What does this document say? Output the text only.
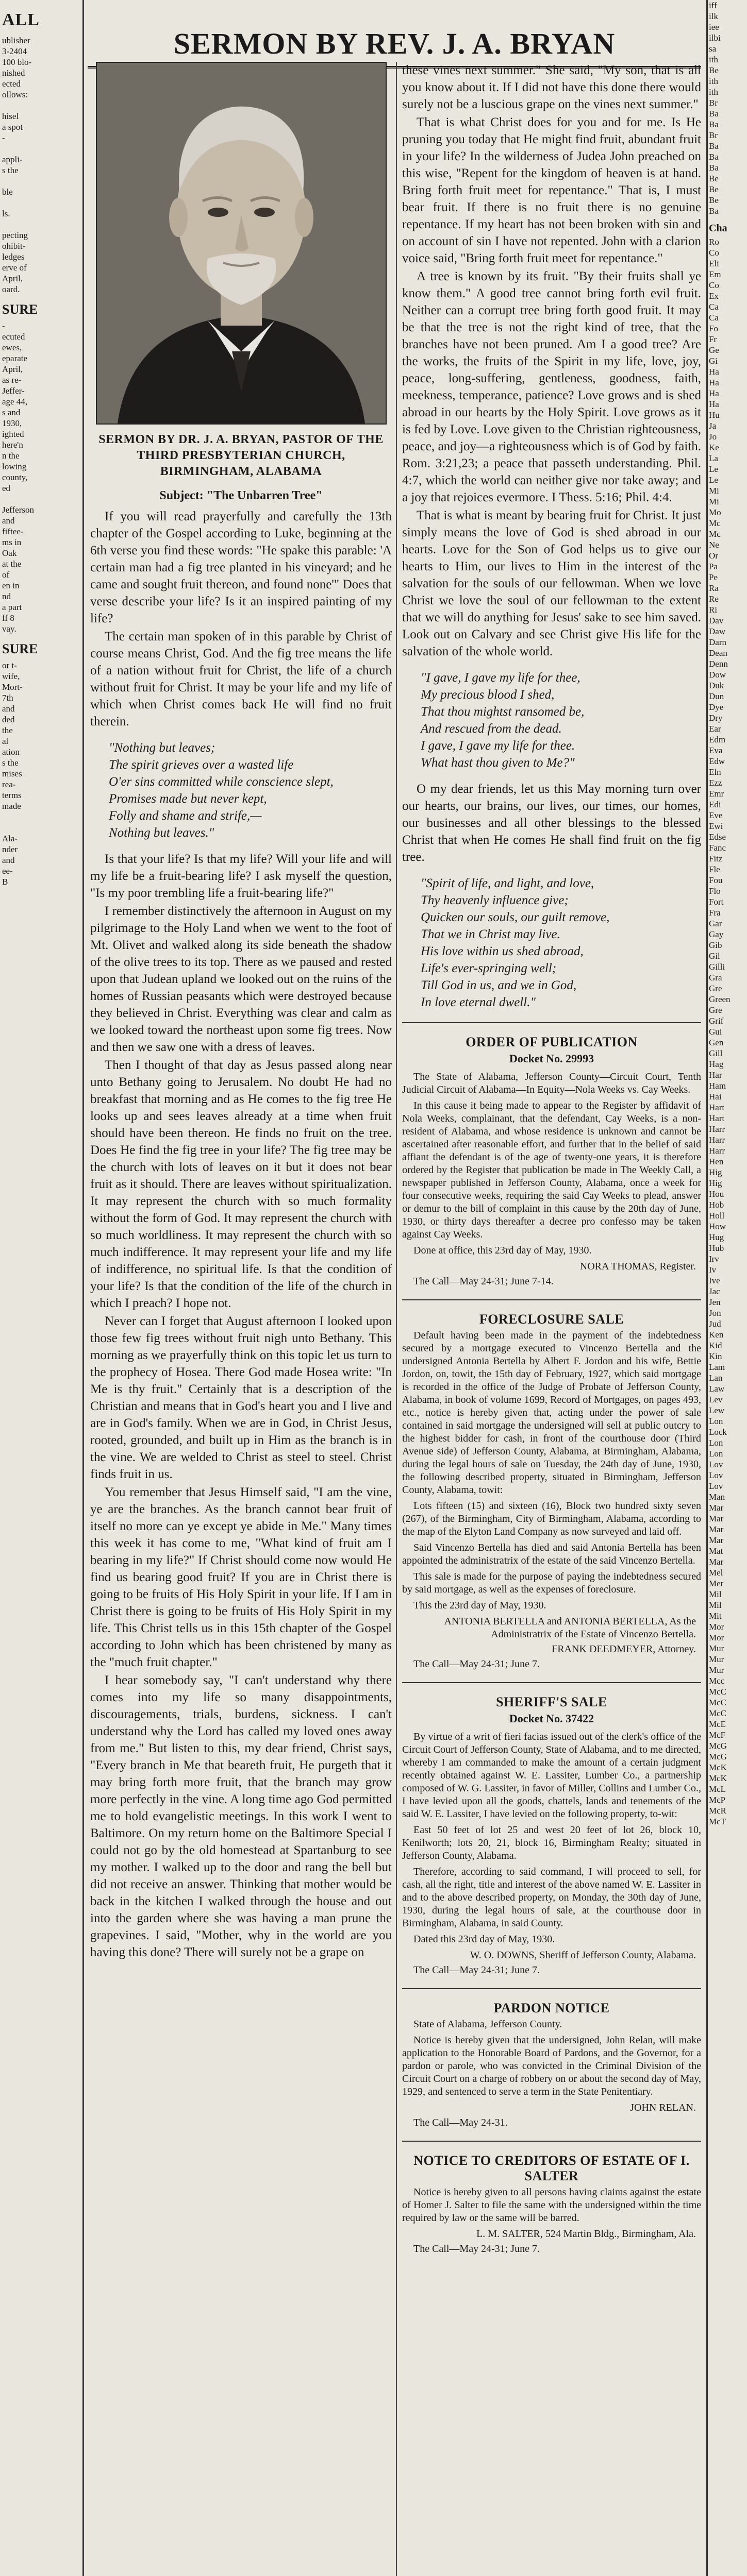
ALL
ublisher
3-2404
100 blo-
nished
ected
ollows:

hisel
a spot
-

appli-
s the

ble

ls.

pecting
ohibit-
ledges
erve of
April,
oard.
SURE
-
ecuted
ewes,
eparate
April,
as re-
Jeffer-
age 44,
s and
1930,
ighted
here'n
n the
lowing
county,
ed

Jefferson
and
fiftee-
ms in
Oak
at the
of
en in
nd
a part
ff 8
vay.
SURE
or t-
wife,
Mort-
7th
and
ded
the
al
ation
s the
mises
rea-
terms
made

Ala-
nder
and
ee-
B
iff
ilk
iee
ilbi
sa
ith
Be
ith
ith
Br
Ba
Ba
Br
Ba
Ba
Ba
Be
Be
Be
Ba
Cha
Ro
Co
Eli
Em
Co
Ex
Ca
Ca
Fo
Fr
Ge
Gi
Ha
Ha
Ha
Ha
Hu
Ja
Jo
Ke
La
Le
Le
Mi
Mi
Mo
Mc
Mc
Ne
Or
Pa
Pe
Ra
Re
Ri
Dav
Daw
Darn
Dean
Denn
Dow
Duk
Dun
Dye
Dry
Ear
Edm
Eva
Edw
Eln
Ezz
Emr
Edi
Eve
Ewi
Edse
Fanc
Fitz
Fle
Fou
Flo
Fort
Fra
Gar
Gay
Gib
Gil
Gilli
Gra
Gre
Green
Gre
Grif
Gui
Gen
Gill
Hag
Har
Ham
Hai
Hart
Hart
Harr
Harr
Harr
Hen
Hig
Hig
Hou
Hob
Holl
How
Hug
Hub
Irv
Iv
Ive
Jac
Jen
Jon
Jud
Ken
Kid
Kin
Lam
Lan
Law
Lev
Lew
Lon
Lock
Lon
Lon
Lov
Lov
Lov
Man
Mar
Mar
Mar
Mar
Mat
Mar
Mel
Mer
Mil
Mil
Mit
Mor
Mor
Mur
Mur
Mur
Mcc
McC
McC
McC
McE
McF
McG
McG
McK
McK
McL
McP
McR
McT
SERMON BY REV. J. A. BRYAN
SERMON BY DR. J. A. BRYAN, PASTOR OF THE THIRD PRESBYTERIAN CHURCH, BIRMINGHAM, ALABAMA
Subject: "The Unbarren Tree"

If you will read prayerfully and carefully the 13th chapter of the Gospel according to Luke, beginning at the 6th verse you find these words: "He spake this parable: 'A certain man had a fig tree planted in his vineyard; and he came and sought fruit thereon, and found none'" Does that verse describe your life? Is it an inspired painting of my life?

The certain man spoken of in this parable by Christ of course means Christ, God. And the fig tree means the life of a nation without fruit for Christ, the life of a church without fruit for Christ. It may be your life and my life of which when Christ comes back He will find no fruit therein.

"Nothing but leaves;
The spirit grieves over a wasted life
O'er sins committed while conscience slept,
Promises made but never kept,
Folly and shame and strife,—
Nothing but leaves."

Is that your life? Is that my life? Will your life and will my life be a fruit-bearing life? I ask myself the question, "Is my poor trembling life a fruit-bearing life?"

I remember distinctively the afternoon in August on my pilgrimage to the Holy Land when we went to the foot of Mt. Olivet and walked along its side beneath the shadow of the olive trees to its top. There as we paused and rested upon that Judean upland we looked out on the ruins of the homes of Russian peasants which were destroyed because they believed in Christ. Everything was clear and calm as we looked toward the northeast upon some fig trees. Now and then we saw one with a dress of leaves.

Then I thought of that day as Jesus passed along near unto Bethany going to Jerusalem. No doubt He had no breakfast that morning and as He comes to the fig tree He looks up and sees leaves already at a time when fruit should have been thereon. He finds no fruit on the tree. Does He find the fig tree in your life? The fig tree may be the church with lots of leaves on it but it does not bear fruit as it should. There are leaves without spiritualization. It may represent the church with so much formality without the form of God. It may represent the church with so much worldliness. It may represent the church with so much indifference. It may represent your life and my life of indifference, no spiritual life. Is that the condition of your life? Is that the condition of the life of the church in which I preach? I hope not.

Never can I forget that August afternoon I looked upon those few fig trees without fruit nigh unto Bethany. This morning as we prayerfully think on this topic let us turn to the prophecy of Hosea. There God made Hosea write: "In Me is thy fruit." Certainly that is a description of the Christian and means that in God's heart you and I live and are in God's family. When we are in God, in Christ Jesus, rooted, grounded, and built up in Him as the branch is in the vine. We are welded to Christ as steel to steel. Christ finds fruit in us.

You remember that Jesus Himself said, "I am the vine, ye are the branches. As the branch cannot bear fruit of itself no more can ye except ye abide in Me." Many times this week it has come to me, "What kind of fruit am I bearing in my life?" If Christ should come now would He find us bearing good fruit? If you are in Christ there is going to be fruits of His Holy Spirit in your life. If I am in Christ there is going to be fruits of His Holy Spirit in my life. This Christ tells us in this 15th chapter of the Gospel according to John which has been christened by many as the "much fruit chapter."

I hear somebody say, "I can't understand why there comes into my life so many disappointments, discouragements, trials, burdens, sickness. I can't understand why the Lord has called my loved ones away from me." But listen to this, my dear friend, Christ says, "Every branch in Me that beareth fruit, He purgeth that it may bring forth more fruit, that the branch may grow more perfectly in the vine. A long time ago God permitted me to hold evangelistic meetings. In this work I went to Baltimore. On my return home on the Baltimore Special I could not go by the old homestead at Spartanburg to see my mother. I walked up to the door and rang the bell but did not receive an answer. Thinking that mother would be back in the kitchen I walked through the house and out into the garden where she was having a man prune the grapevines. I said, "Mother, why in the world are you having this done? There will surely not be a grape on

these vines next summer." She said, "My son, that is all you know about it. If I did not have this done there would surely not be a luscious grape on the vines next summer."

That is what Christ does for you and for me. Is He pruning you today that He might find fruit, abundant fruit in your life? In the wilderness of Judea John preached on this wise, "Repent for the kingdom of heaven is at hand. Bring forth fruit meet for repentance." That is, I must bear fruit. If there is no fruit there is no genuine repentance. If my heart has not been broken with sin and on account of sin I have not repented. John with a clarion voice said, "Bring forth fruit meet for repentance."

A tree is known by its fruit. "By their fruits shall ye know them." A good tree cannot bring forth evil fruit. Neither can a corrupt tree bring forth good fruit. It may be that the tree is not the right kind of tree, that the branches have not been pruned. Am I a good tree? Are the works, the fruits of the Spirit in my life, love, joy, peace, long-suffering, gentleness, goodness, faith, meekness, temperance, patience? Love grows and is shed abroad in our hearts by the Holy Spirit. Love grows as it is fed by Love. Love given to the Christian righteousness, peace, and joy—a righteousness which is of God by faith. Rom. 3:21,23; a peace that passeth understanding. Phil. 4:7, which the world can neither give nor take away; and a joy that rejoices evermore. I Thess. 5:16; Phil. 4:4.

That is what is meant by bearing fruit for Christ. It just simply means the love of God is shed abroad in our hearts. Love for the Son of God helps us to give our hearts to Him, our lives to Him in the interest of the salvation for the souls of our fellowman. When we love Christ we love the soul of our fellowman to the extent that we will do anything for Jesus' sake to see him saved. Look out on Calvary and see Christ give His life for the salvation of the whole world.

"I gave, I gave my life for thee,
My precious blood I shed,
That thou mightst ransomed be,
And rescued from the dead.
I gave, I gave my life for thee.
What hast thou given to Me?"

O my dear friends, let us this May morning turn over our hearts, our brains, our lives, our times, our homes, our businesses and all other blessings to the blessed Christ that when He comes He shall find fruit on the fig tree.

"Spirit of life, and light, and love,
Thy heavenly influence give;
Quicken our souls, our guilt remove,
That we in Christ may live.
His love within us shed abroad,
Life's ever-springing well;
Till God in us, and we in God,
In love eternal dwell."
ORDER OF PUBLICATION
Docket No. 29993

The State of Alabama, Jefferson County—Circuit Court, Tenth Judicial Circuit of Alabama—In Equity—Nola Weeks vs. Cay Weeks.

In this cause it being made to appear to the Register by affidavit of Nola Weeks, complainant, that the defendant, Cay Weeks, is a non-resident of Alabama, and whose residence is unknown and cannot be ascertained after reasonable effort, and further that in the belief of said affiant the defendant is of the age of twenty-one years, it is therefore ordered by the Register that publication be made in The Weekly Call, a newspaper published in Jefferson County, Alabama, once a week for four consecutive weeks, requiring the said Cay Weeks to plead, answer or demur to the bill of complaint in this cause by the 20th day of June, 1930, or thirty days thereafter a decree pro confesso may be taken against Cay Weeks.

Done at office, this 23rd day of May, 1930.

NORA THOMAS, Register.
The Call—May 24-31; June 7-14.
FORECLOSURE SALE

Default having been made in the payment of the indebtedness secured by a mortgage executed to Vincenzo Bertella and the undersigned Antonia Bertella by Albert F. Jordon and his wife, Bettie Jordon, on, towit, the 15th day of February, 1927, which said mortgage is recorded in the office of the Judge of Probate of Jefferson County, Alabama, in book of volume 1699, Record of Mortgages, on pages 493, etc., notice is hereby given that, acting under the power of sale contained in said mortgage the undersigned will sell at public outcry to the highest bidder for cash, in front of the courthouse door (Third Avenue side) of Jefferson County, Alabama, at Birmingham, Alabama, during the legal hours of sale on Tuesday, the 24th day of June, 1930, the following described property, situated in Birmingham, Jefferson County, Alabama, towit:

Lots fifteen (15) and sixteen (16), Block two hundred sixty seven (267), of the Birmingham, City of Birmingham, Alabama, according to the map of the Elyton Land Company as now surveyed and laid off.

Said Vincenzo Bertella has died and said Antonia Bertella has been appointed the administratrix of the estate of the said Vincenzo Bertella.

This sale is made for the purpose of paying the indebtedness secured by said mortgage, as well as the expenses of foreclosure.

This the 23rd day of May, 1930.

ANTONIA BERTELLA and ANTONIA BERTELLA, As the Administratrix of the Estate of Vincenzo Bertella.
FRANK DEEDMEYER, Attorney.
The Call—May 24-31; June 7.
SHERIFF'S SALE
Docket No. 37422

By virtue of a writ of fieri facias issued out of the clerk's office of the Circuit Court of Jefferson County, State of Alabama, and to me directed, whereby I am commanded to make the amount of a certain judgment recently obtained against W. E. Lassiter, Lumber Co., a partnership composed of W. G. Lassiter, in favor of Miller, Collins and Lumber Co., I have levied upon all the goods, chattels, lands and tenements of the said W. E. Lassiter, I have levied on the following property, to-wit:

East 50 feet of lot 25 and west 20 feet of lot 26, block 10, Kenilworth; lots 20, 21, block 16, Birmingham Realty; situated in Jefferson County, Alabama.

Therefore, according to said command, I will proceed to sell, for cash, all the right, title and interest of the above named W. E. Lassiter in and to the above described property, on Monday, the 30th day of June, 1930, during the legal hours of sale, at the courthouse door in Birmingham, Alabama, in said County.

Dated this 23rd day of May, 1930.

W. O. DOWNS, Sheriff of Jefferson County, Alabama.
The Call—May 24-31; June 7.
PARDON NOTICE

State of Alabama, Jefferson County.

Notice is hereby given that the undersigned, John Relan, will make application to the Honorable Board of Pardons, and the Governor, for a pardon or parole, who was convicted in the Criminal Division of the Circuit Court on a charge of robbery on or about the second day of May, 1929, and sentenced to serve a term in the State Penitentiary.

JOHN RELAN.
The Call—May 24-31.
NOTICE TO CREDITORS OF ESTATE OF I. SALTER

Notice is hereby given to all persons having claims against the estate of Homer J. Salter to file the same with the undersigned within the time required by law or the same will be barred.

L. M. SALTER, 524 Martin Bldg., Birmingham, Ala.
The Call—May 24-31; June 7.
